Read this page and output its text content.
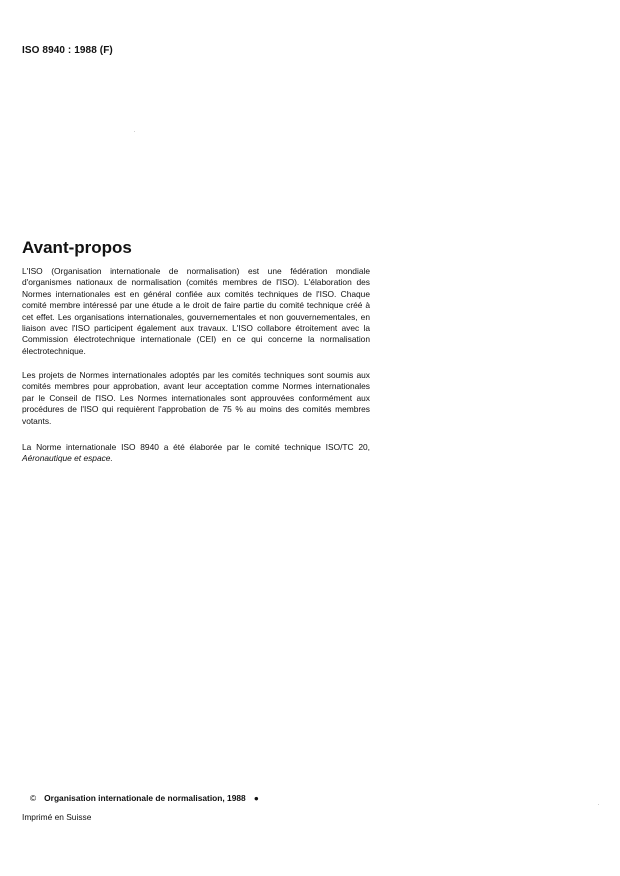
ISO 8940 : 1988 (F)
Avant-propos

L'ISO (Organisation internationale de normalisation) est une fédération mondiale d'organismes nationaux de normalisation (comités membres de l'ISO). L'élaboration des Normes internationales est en général confiée aux comités techniques de l'ISO. Chaque comité membre intéressé par une étude a le droit de faire partie du comité technique créé à cet effet. Les organisations internationales, gouvernementales et non gouvernementales, en liaison avec l'ISO participent également aux travaux. L'ISO collabore étroitement avec la Commission électrotechnique internationale (CEI) en ce qui concerne la normalisation électrotechnique.

Les projets de Normes internationales adoptés par les comités techniques sont soumis aux comités membres pour approbation, avant leur acceptation comme Normes internationales par le Conseil de l'ISO. Les Normes internationales sont approuvées conformément aux procédures de l'ISO qui requièrent l'approbation de 75 % au moins des comités membres votants.

La Norme internationale ISO 8940 a été élaborée par le comité technique ISO/TC 20, Aéronautique et espace.

© Organisation internationale de normalisation, 1988 ●
Imprimé en Suisse
